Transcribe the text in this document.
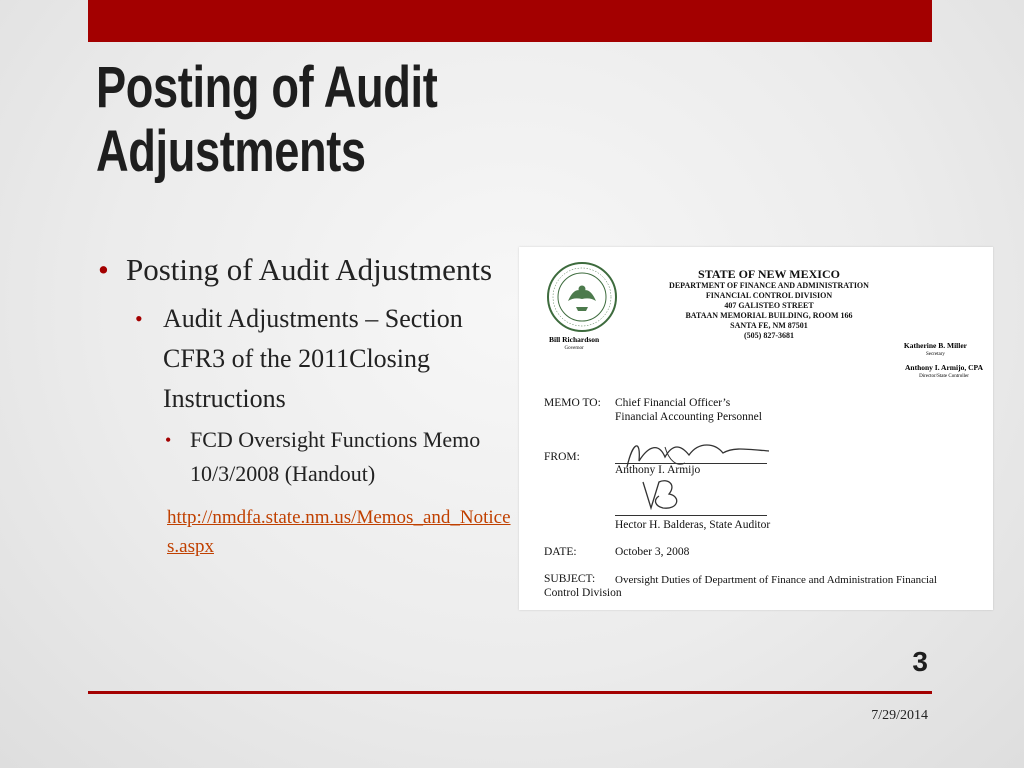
Posting of Audit
Adjustments
• Posting of Audit Adjustments
• Audit Adjustments – Section CFR3 of the 2011Closing Instructions
• FCD Oversight Functions Memo 10/3/2008 (Handout)
http://nmdfa.state.nm.us/Memos_and_Notices.aspx
STATE OF NEW MEXICO
DEPARTMENT OF FINANCE AND ADMINISTRATION
FINANCIAL CONTROL DIVISION
407 GALISTEO STREET
BATAAN MEMORIAL BUILDING, ROOM 166
SANTA FE, NM 87501
(505) 827-3681
Bill Richardson
Governor	Katherine B. Miller
Secretary
Anthony I. Armijo, CPA
Director/State Controller
MEMO TO: Chief Financial Officer’s
Financial Accounting Personnel
FROM:
Anthony I. Armijo
Hector H. Balderas, State Auditor
DATE:	October 3, 2008
SUBJECT: Oversight Duties of Department of Finance and Administration Financial
Control Division
3
7/29/2014
